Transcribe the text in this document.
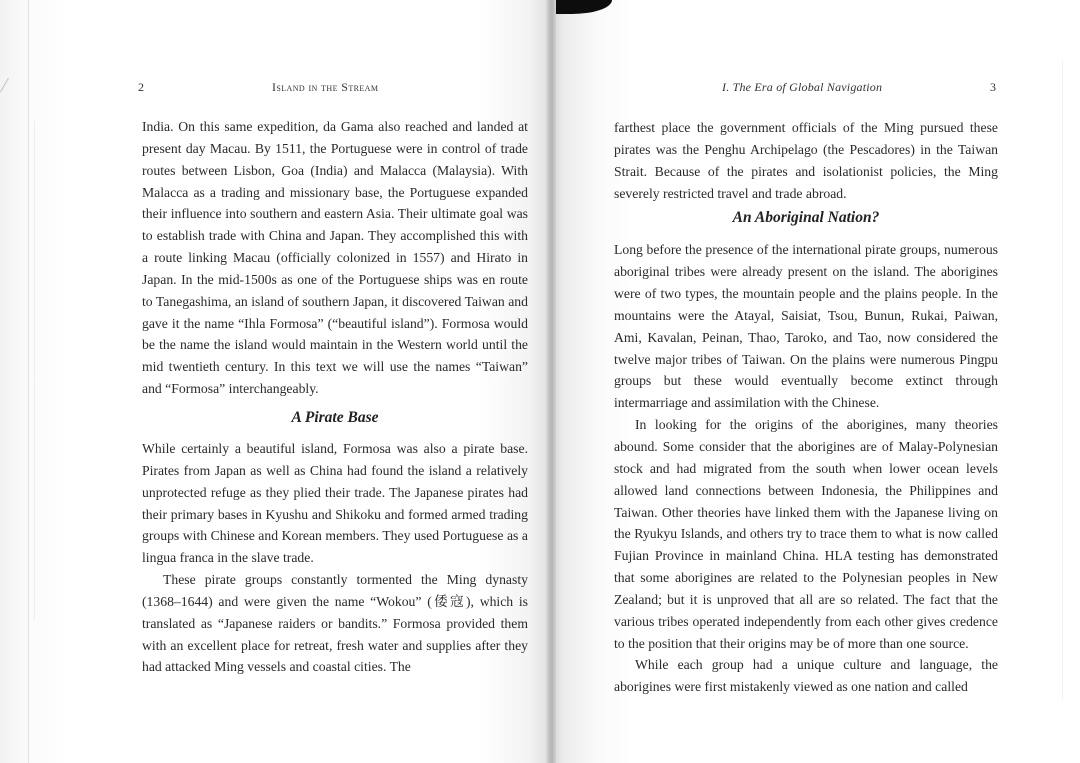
2	Island in the Stream

India. On this same expedition, da Gama also reached and landed at present day Macau. By 1511, the Portuguese were in control of trade routes between Lisbon, Goa (India) and Malacca (Malaysia). With Malacca as a trading and missionary base, the Portuguese expanded their influence into southern and eastern Asia. Their ultimate goal was to establish trade with China and Japan. They accomplished this with a route linking Macau (officially colonized in 1557) and Hirato in Japan. In the mid-1500s as one of the Portuguese ships was en route to Tanegashima, an island of southern Japan, it discovered Taiwan and gave it the name “Ihla Formosa” (“beautiful island”). Formosa would be the name the island would maintain in the Western world until the mid twentieth century. In this text we will use the names “Taiwan” and “Formosa” interchangeably.

A Pirate Base

While certainly a beautiful island, Formosa was also a pirate base. Pirates from Japan as well as China had found the island a relatively unprotected refuge as they plied their trade. The Japanese pirates had their primary bases in Kyushu and Shikoku and formed armed trading groups with Chinese and Korean members. They used Portuguese as a lingua franca in the slave trade.

These pirate groups constantly tormented the Ming dynasty (1368–1644) and were given the name “Wokou” (倭寇), which is translated as “Japanese raiders or bandits.” Formosa provided them with an excellent place for retreat, fresh water and supplies after they had attacked Ming vessels and coastal cities. The

I. The Era of Global Navigation	3

farthest place the government officials of the Ming pursued these pirates was the Penghu Archipelago (the Pescadores) in the Taiwan Strait. Because of the pirates and isolationist policies, the Ming severely restricted travel and trade abroad.

An Aboriginal Nation?

Long before the presence of the international pirate groups, numerous aboriginal tribes were already present on the island. The aborigines were of two types, the mountain people and the plains people. In the mountains were the Atayal, Saisiat, Tsou, Bunun, Rukai, Paiwan, Ami, Kavalan, Peinan, Thao, Taroko, and Tao, now considered the twelve major tribes of Taiwan. On the plains were numerous Pingpu groups but these would eventually become extinct through intermarriage and assimilation with the Chinese.

In looking for the origins of the aborigines, many theories abound. Some consider that the aborigines are of Malay-Polynesian stock and had migrated from the south when lower ocean levels allowed land connections between Indonesia, the Philippines and Taiwan. Other theories have linked them with the Japanese living on the Ryukyu Islands, and others try to trace them to what is now called Fujian Province in mainland China. HLA testing has demonstrated that some aborigines are related to the Polynesian peoples in New Zealand; but it is unproved that all are so related. The fact that the various tribes operated independently from each other gives credence to the position that their origins may be of more than one source.

While each group had a unique culture and language, the aborigines were first mistakenly viewed as one nation and called
